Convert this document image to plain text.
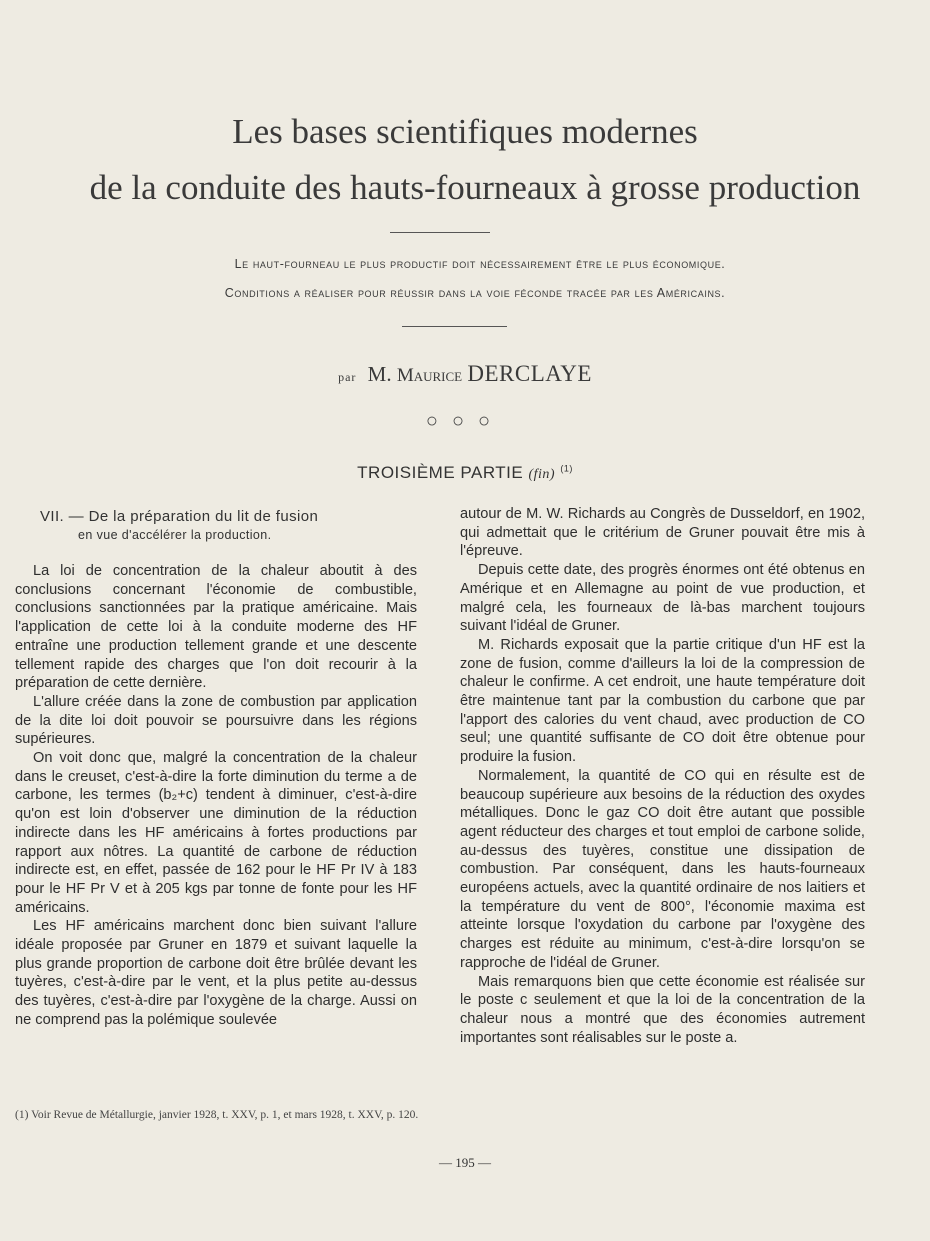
Les bases scientifiques modernes
de la conduite des hauts-fourneaux à grosse production
Le haut-fourneau le plus productif doit nécessairement être le plus économique.
Conditions a réaliser pour réussir dans la voie féconde tracée par les Américains.
par M. Maurice DERCLAYE
○○○
TROISIÈME PARTIE (fin) $^{(1)}$
VII. — De la préparation du lit de fusion
en vue d'accélérer la production.

La loi de concentration de la chaleur aboutit à des conclusions concernant l'économie de combustible, conclusions sanctionnées par la pratique américaine. Mais l'application de cette loi à la conduite moderne des HF entraîne une production tellement grande et une descente tellement rapide des charges que l'on doit recourir à la préparation de cette dernière.

L'allure créée dans la zone de combustion par application de la dite loi doit pouvoir se poursuivre dans les régions supérieures.

On voit donc que, malgré la concentration de la chaleur dans le creuset, c'est-à-dire la forte diminution du terme a de carbone, les termes (b₂+c) tendent à diminuer, c'est-à-dire qu'on est loin d'observer une diminution de la réduction indirecte dans les HF américains à fortes productions par rapport aux nôtres. La quantité de carbone de réduction indirecte est, en effet, passée de 162 pour le HF Pr IV à 183 pour le HF Pr V et à 205 kgs par tonne de fonte pour les HF américains.

Les HF américains marchent donc bien suivant l'allure idéale proposée par Gruner en 1879 et suivant laquelle la plus grande proportion de carbone doit être brûlée devant les tuyères, c'est-à-dire par le vent, et la plus petite au-dessus des tuyères, c'est-à-dire par l'oxygène de la charge. Aussi on ne comprend pas la polémique soulevée

autour de M. W. Richards au Congrès de Dusseldorf, en 1902, qui admettait que le critérium de Gruner pouvait être mis à l'épreuve.

Depuis cette date, des progrès énormes ont été obtenus en Amérique et en Allemagne au point de vue production, et malgré cela, les fourneaux de là-bas marchent toujours suivant l'idéal de Gruner.

M. Richards exposait que la partie critique d'un HF est la zone de fusion, comme d'ailleurs la loi de la compression de chaleur le confirme. A cet endroit, une haute température doit être maintenue tant par la combustion du carbone que par l'apport des calories du vent chaud, avec production de CO seul; une quantité suffisante de CO doit être obtenue pour produire la fusion.

Normalement, la quantité de CO qui en résulte est de beaucoup supérieure aux besoins de la réduction des oxydes métalliques. Donc le gaz CO doit être autant que possible agent réducteur des charges et tout emploi de carbone solide, au-dessus des tuyères, constitue une dissipation de combustion. Par conséquent, dans les hauts-fourneaux européens actuels, avec la quantité ordinaire de nos laitiers et la température du vent de 800°, l'économie maxima est atteinte lorsque l'oxydation du carbone par l'oxygène des charges est réduite au minimum, c'est-à-dire lorsqu'on se rapproche de l'idéal de Gruner.

Mais remarquons bien que cette économie est réalisée sur le poste c seulement et que la loi de la concentration de la chaleur nous a montré que des économies autrement importantes sont réalisables sur le poste a.

(1) Voir Revue de Métallurgie, janvier 1928, t. XXV, p. 1, et mars 1928, t. XXV, p. 120.
— 195 —
